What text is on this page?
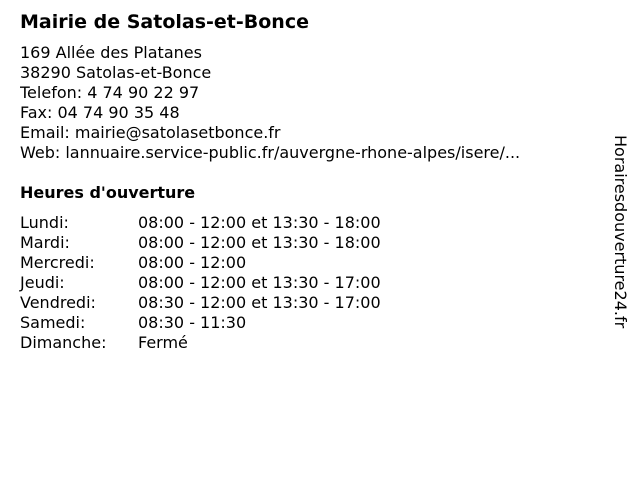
Mairie de Satolas-et-Bonce
169 Allée des Platanes
38290 Satolas-et-Bonce
Telefon: 4 74 90 22 97
Fax: 04 74 90 35 48
Email: mairie@satolasetbonce.fr
Web: lannuaire.service-public.fr/auvergne-rhone-alpes/isere/...
Heures d'ouverture
Lundi:	08:00 - 12:00 et 13:30 - 18:00
Mardi:	08:00 - 12:00 et 13:30 - 18:00
Mercredi:	08:00 - 12:00
Jeudi:	08:00 - 12:00 et 13:30 - 17:00
Vendredi:	08:30 - 12:00 et 13:30 - 17:00
Samedi:	08:30 - 11:30
Dimanche:	Fermé
Horairesdouverture24.fr
